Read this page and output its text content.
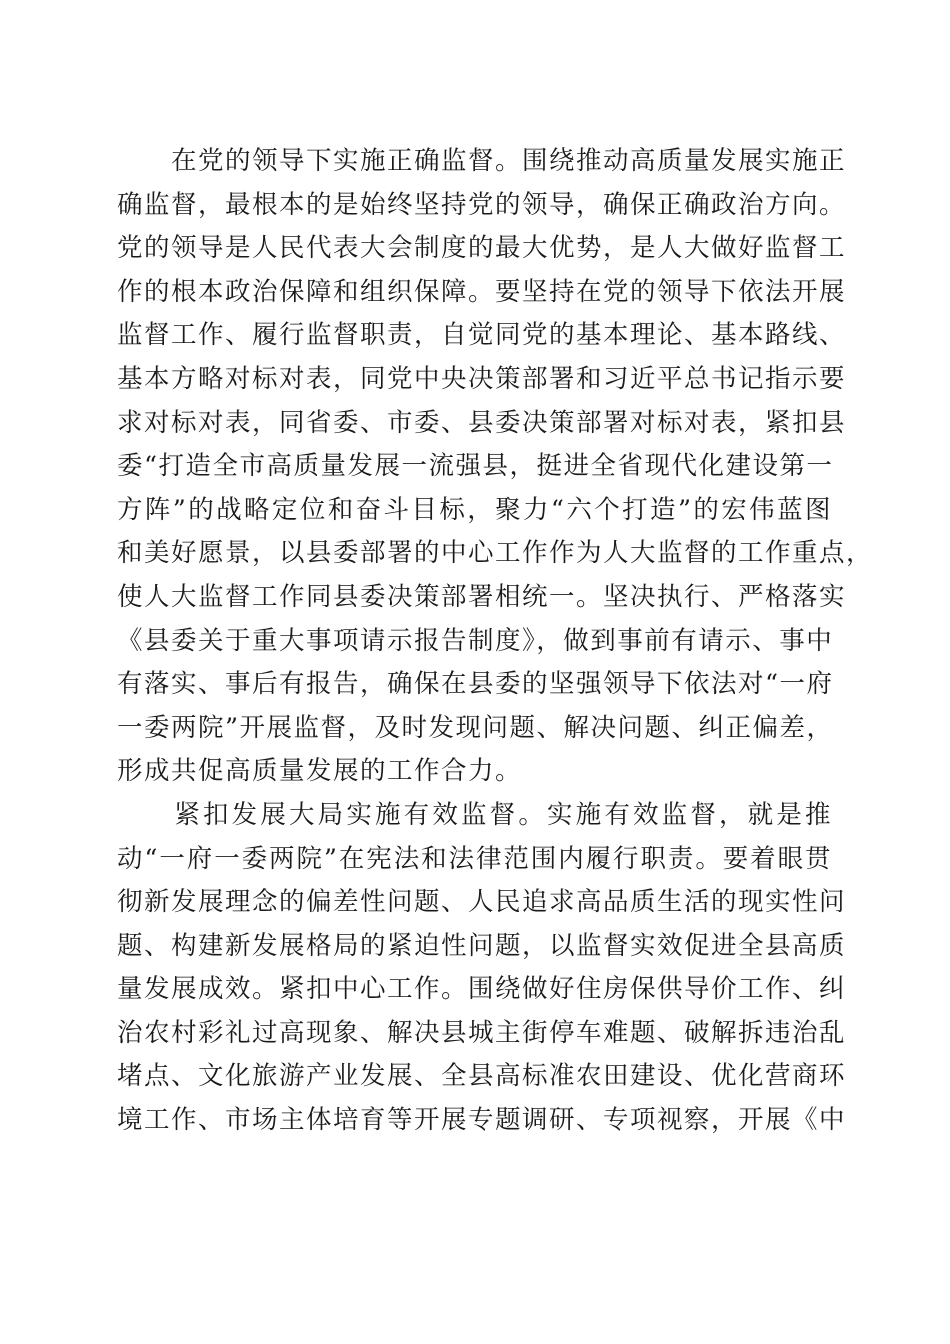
　　在党的领导下实施正确监督。围绕推动高质量发展实施正
确监督，最根本的是始终坚持党的领导，确保正确政治方向。
党的领导是人民代表大会制度的最大优势，是人大做好监督工
作的根本政治保障和组织保障。要坚持在党的领导下依法开展
监督工作、履行监督职责，自觉同党的基本理论、基本路线、
基本方略对标对表，同党中央决策部署和习近平总书记指示要
求对标对表，同省委、市委、县委决策部署对标对表，紧扣县
委“打造全市高质量发展一流强县，挺进全省现代化建设第一
方阵”的战略定位和奋斗目标，聚力“六个打造”的宏伟蓝图
和美好愿景，以县委部署的中心工作作为人大监督的工作重点，
使人大监督工作同县委决策部署相统一。坚决执行、严格落实
《县委关于重大事项请示报告制度》，做到事前有请示、事中
有落实、事后有报告，确保在县委的坚强领导下依法对“一府
一委两院”开展监督，及时发现问题、解决问题、纠正偏差，
形成共促高质量发展的工作合力。
　　紧扣发展大局实施有效监督。实施有效监督，就是推
动“一府一委两院”在宪法和法律范围内履行职责。要着眼贯
彻新发展理念的偏差性问题、人民追求高品质生活的现实性问
题、构建新发展格局的紧迫性问题，以监督实效促进全县高质
量发展成效。紧扣中心工作。围绕做好住房保供导价工作、纠
治农村彩礼过高现象、解决县城主街停车难题、破解拆违治乱
堵点、文化旅游产业发展、全县高标准农田建设、优化营商环
境工作、市场主体培育等开展专题调研、专项视察，开展《中
